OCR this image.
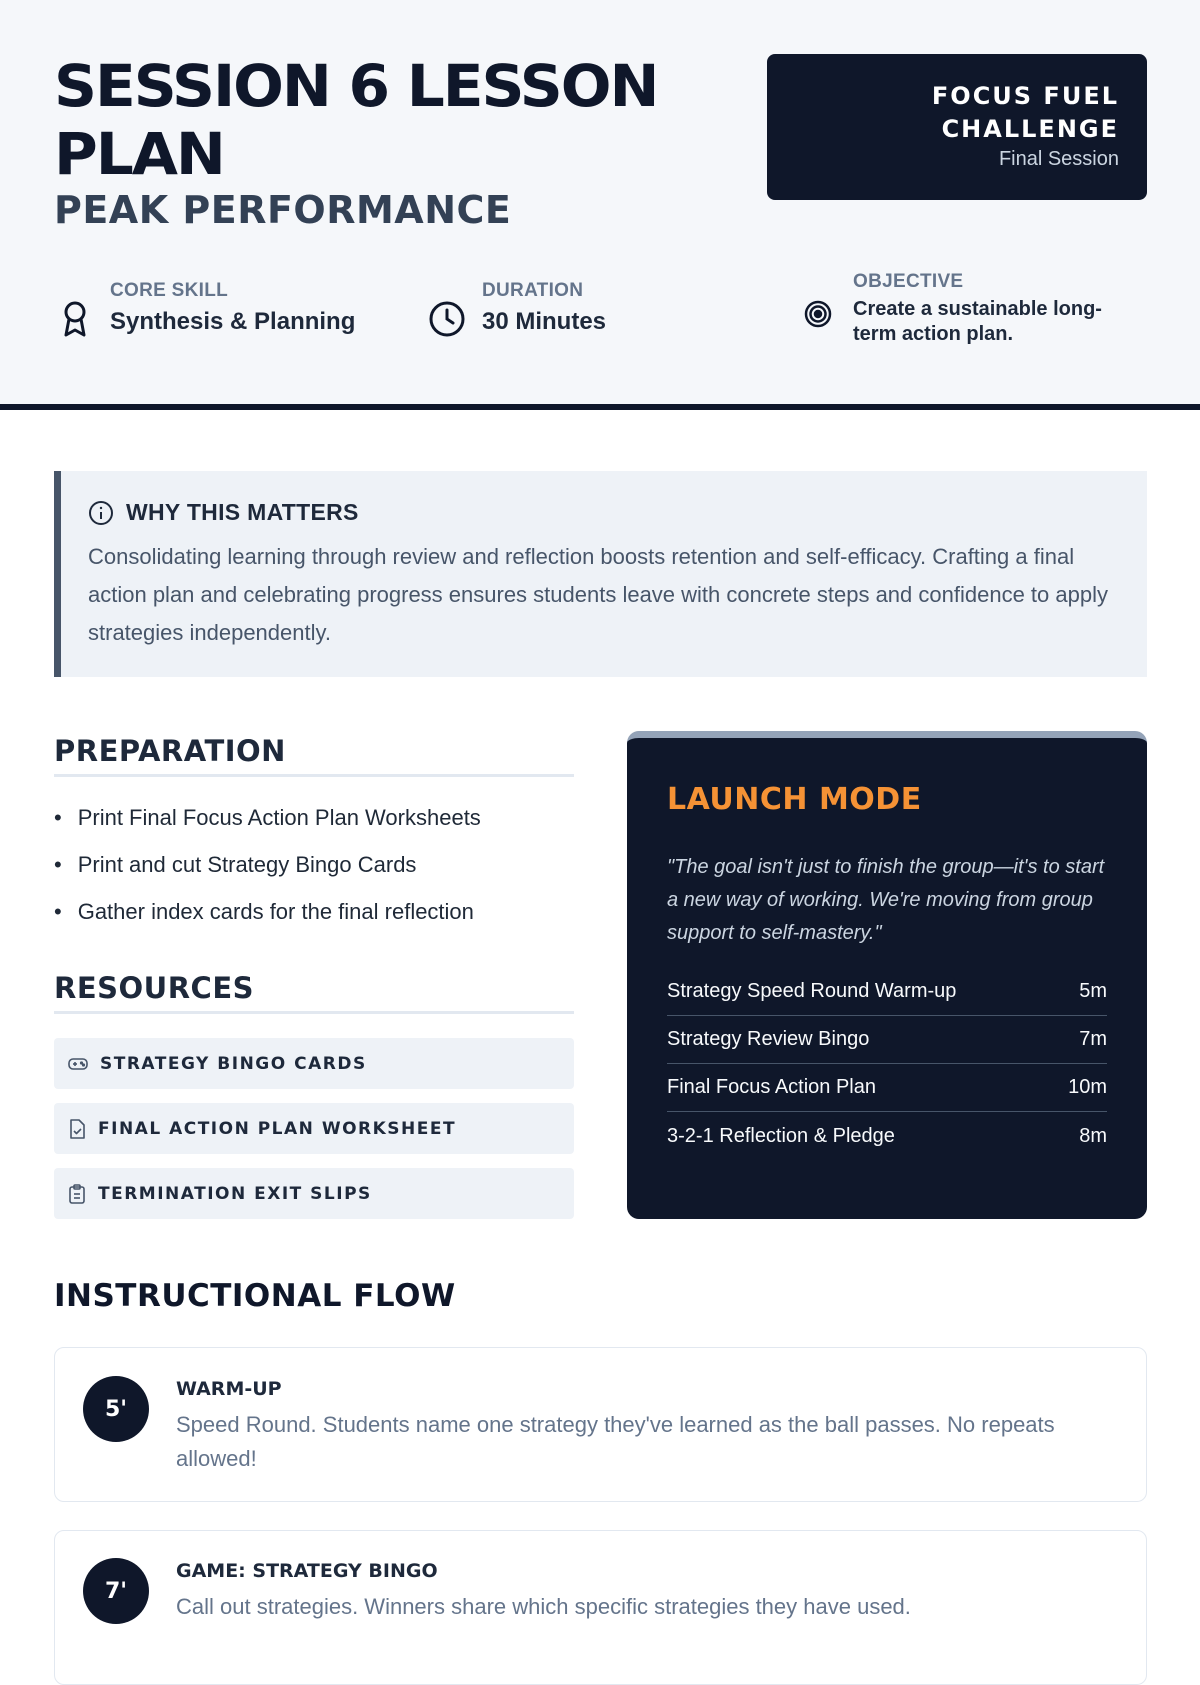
SESSION 6 LESSON PLAN
PEAK PERFORMANCE
FOCUS FUEL
CHALLENGE
Final Session
CORE SKILL
Synthesis & Planning
DURATION
30 Minutes
OBJECTIVE
Create a sustainable long-term action plan.
WHY THIS MATTERS
Consolidating learning through review and reflection boosts retention and self-efficacy. Crafting a final action plan and celebrating progress ensures students leave with concrete steps and confidence to apply strategies independently.
PREPARATION
• Print Final Focus Action Plan Worksheets
• Print and cut Strategy Bingo Cards
• Gather index cards for the final reflection
RESOURCES
STRATEGY BINGO CARDS
FINAL ACTION PLAN WORKSHEET
TERMINATION EXIT SLIPS
LAUNCH MODE
"The goal isn't just to finish the group—it's to start a new way of working. We're moving from group support to self-mastery."
Strategy Speed Round Warm-up	5m
Strategy Review Bingo	7m
Final Focus Action Plan	10m
3-2-1 Reflection & Pledge	8m
INSTRUCTIONAL FLOW
5'
WARM-UP
Speed Round. Students name one strategy they've learned as the ball passes. No repeats allowed!
7'
GAME: STRATEGY BINGO
Call out strategies. Winners share which specific strategies they have used.
